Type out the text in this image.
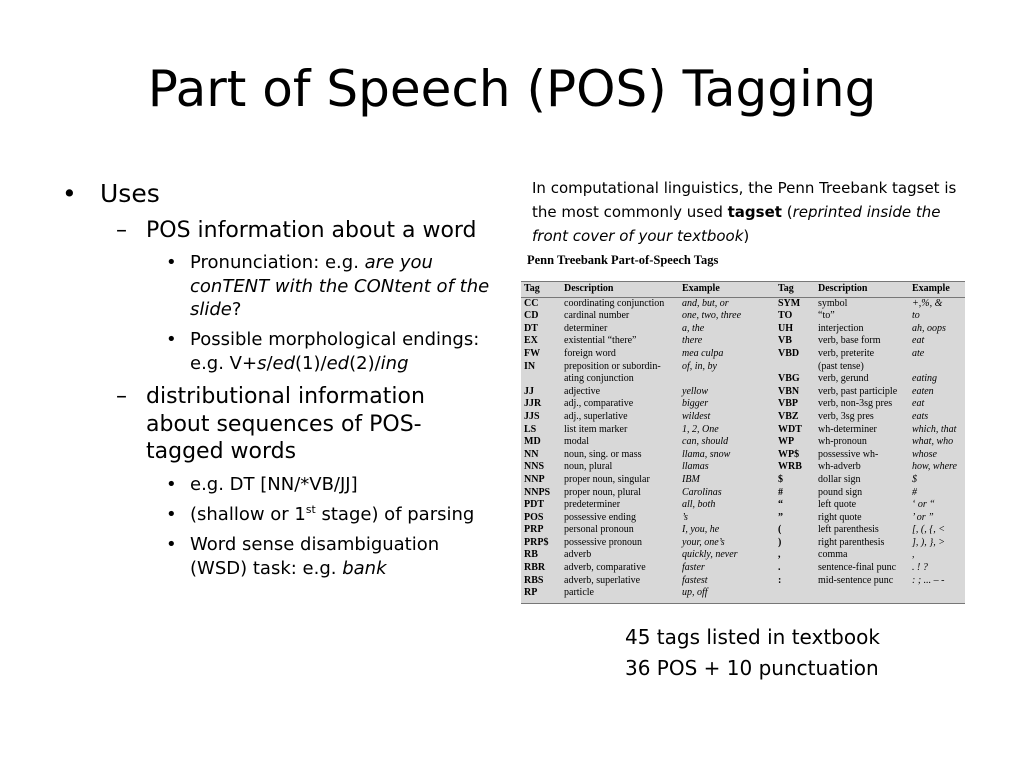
Part of Speech (POS) Tagging
• Uses
– POS information about a word
• Pronunciation: e.g. are you conTENT with the CONtent of the slide?
• Possible morphological endings: e.g. V+s/ed(1)/ed(2)/ing
– distributional information about sequences of POS-tagged words
• e.g. DT [NN/*VB/JJ]
• (shallow or 1st stage) of parsing
• Word sense disambiguation (WSD) task: e.g. bank
In computational linguistics, the Penn Treebank tagset is the most commonly used tagset (reprinted inside the front cover of your textbook)
Penn Treebank Part-of-Speech Tags
Tag	Description	Example	Tag	Description	Example
CC	coordinating conjunction	and, but, or	SYM	symbol	+,%, &
CD	cardinal number	one, two, three	TO	“to”	to
DT	determiner	a, the	UH	interjection	ah, oops
EX	existential “there”	there	VB	verb, base form	eat
FW	foreign word	mea culpa	VBD	verb, preterite	ate
IN	preposition or subordin-	of, in, by		(past tense)	
	ating conjunction		VBG	verb, gerund	eating
JJ	adjective	yellow	VBN	verb, past participle	eaten
JJR	adj., comparative	bigger	VBP	verb, non-3sg pres	eat
JJS	adj., superlative	wildest	VBZ	verb, 3sg pres	eats
LS	list item marker	1, 2, One	WDT	wh-determiner	which, that
MD	modal	can, should	WP	wh-pronoun	what, who
NN	noun, sing. or mass	llama, snow	WP$	possessive wh-	whose
NNS	noun, plural	llamas	WRB	wh-adverb	how, where
NNP	proper noun, singular	IBM	$	dollar sign	$
NNPS	proper noun, plural	Carolinas	#	pound sign	#
PDT	predeterminer	all, both	“	left quote	‘ or “
POS	possessive ending	’s	”	right quote	’ or ”
PRP	personal pronoun	I, you, he	(	left parenthesis	[, (, {, <
PRP$	possessive pronoun	your, one’s	)	right parenthesis	], ), }, >
RB	adverb	quickly, never	,	comma	,
RBR	adverb, comparative	faster	.	sentence-final punc	. ! ?
RBS	adverb, superlative	fastest	:	mid-sentence punc	: ; ... – -
RP	particle	up, off			
45 tags listed in textbook
36 POS + 10 punctuation
